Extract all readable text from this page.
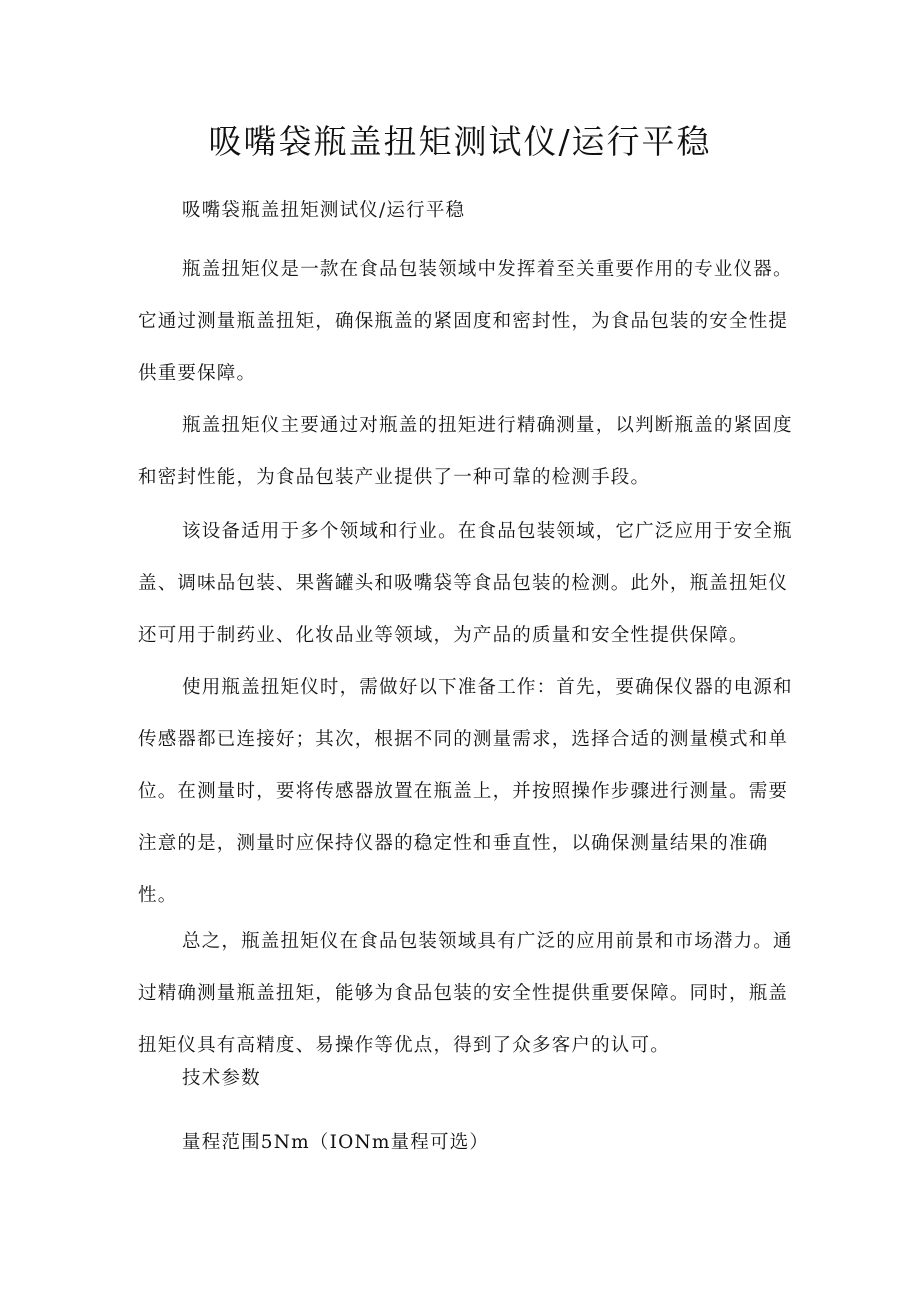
吸嘴袋瓶盖扭矩测试仪/运行平稳

吸嘴袋瓶盖扭矩测试仪/运行平稳

瓶盖扭矩仪是一款在食品包装领域中发挥着至关重要作用的专业仪器。它通过测量瓶盖扭矩，确保瓶盖的紧固度和密封性，为食品包装的安全性提供重要保障。

瓶盖扭矩仪主要通过对瓶盖的扭矩进行精确测量，以判断瓶盖的紧固度和密封性能，为食品包装产业提供了一种可靠的检测手段。

该设备适用于多个领域和行业。在食品包装领域，它广泛应用于安全瓶盖、调味品包装、果酱罐头和吸嘴袋等食品包装的检测。此外，瓶盖扭矩仪还可用于制药业、化妆品业等领域，为产品的质量和安全性提供保障。

使用瓶盖扭矩仪时，需做好以下准备工作：首先，要确保仪器的电源和传感器都已连接好；其次，根据不同的测量需求，选择合适的测量模式和单位。在测量时，要将传感器放置在瓶盖上，并按照操作步骤进行测量。需要注意的是，测量时应保持仪器的稳定性和垂直性，以确保测量结果的准确性。

总之，瓶盖扭矩仪在食品包装领域具有广泛的应用前景和市场潜力。通过精确测量瓶盖扭矩，能够为食品包装的安全性提供重要保障。同时，瓶盖扭矩仪具有高精度、易操作等优点，得到了众多客户的认可。

技术参数

量程范围5Nm（IONm量程可选）
